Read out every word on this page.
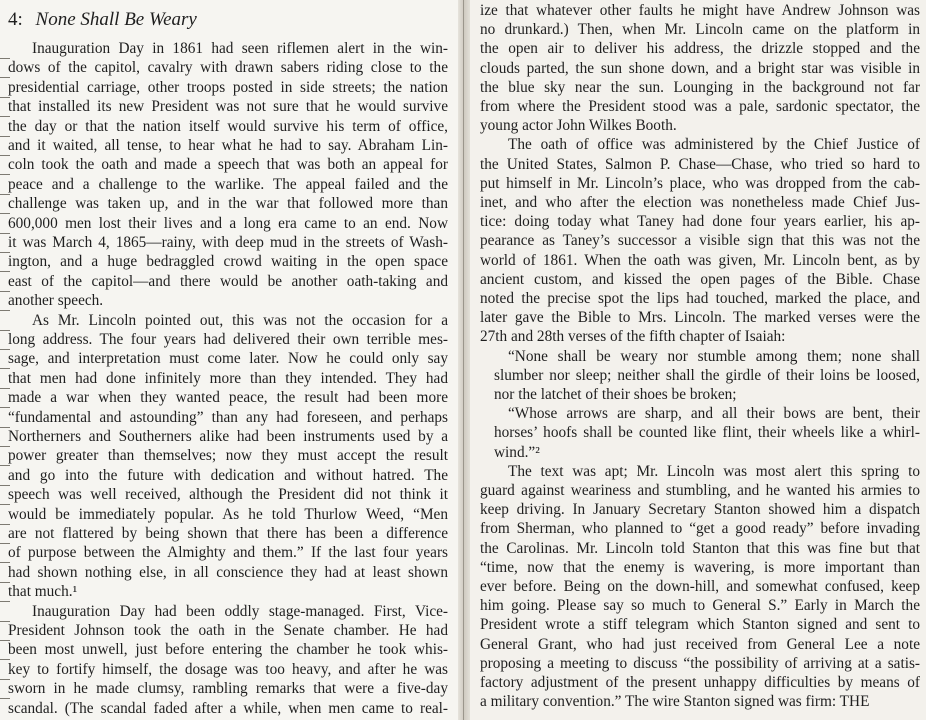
4: None Shall Be Weary
Inauguration Day in 1861 had seen riflemen alert in the win-
dows of the capitol, cavalry with drawn sabers riding close to the
presidential carriage, other troops posted in side streets; the nation
that installed its new President was not sure that he would survive
the day or that the nation itself would survive his term of office,
and it waited, all tense, to hear what he had to say. Abraham Lin-
coln took the oath and made a speech that was both an appeal for
peace and a challenge to the warlike. The appeal failed and the
challenge was taken up, and in the war that followed more than
600,000 men lost their lives and a long era came to an end. Now
it was March 4, 1865—rainy, with deep mud in the streets of Wash-
ington, and a huge bedraggled crowd waiting in the open space
east of the capitol—and there would be another oath-taking and
another speech.
As Mr. Lincoln pointed out, this was not the occasion for a
long address. The four years had delivered their own terrible mes-
sage, and interpretation must come later. Now he could only say
that men had done infinitely more than they intended. They had
made a war when they wanted peace, the result had been more
“fundamental and astounding” than any had foreseen, and perhaps
Northerners and Southerners alike had been instruments used by a
power greater than themselves; now they must accept the result
and go into the future with dedication and without hatred. The
speech was well received, although the President did not think it
would be immediately popular. As he told Thurlow Weed, “Men
are not flattered by being shown that there has been a difference
of purpose between the Almighty and them.” If the last four years
had shown nothing else, in all conscience they had at least shown
that much.¹
Inauguration Day had been oddly stage-managed. First, Vice-
President Johnson took the oath in the Senate chamber. He had
been most unwell, just before entering the chamber he took whis-
key to fortify himself, the dosage was too heavy, and after he was
sworn in he made clumsy, rambling remarks that were a five-day
scandal. (The scandal faded after a while, when men came to real-
ize that whatever other faults he might have Andrew Johnson was
no drunkard.) Then, when Mr. Lincoln came on the platform in
the open air to deliver his address, the drizzle stopped and the
clouds parted, the sun shone down, and a bright star was visible in
the blue sky near the sun. Lounging in the background not far
from where the President stood was a pale, sardonic spectator, the
young actor John Wilkes Booth.
The oath of office was administered by the Chief Justice of
the United States, Salmon P. Chase—Chase, who tried so hard to
put himself in Mr. Lincoln’s place, who was dropped from the cab-
inet, and who after the election was nonetheless made Chief Jus-
tice: doing today what Taney had done four years earlier, his ap-
pearance as Taney’s successor a visible sign that this was not the
world of 1861. When the oath was given, Mr. Lincoln bent, as by
ancient custom, and kissed the open pages of the Bible. Chase
noted the precise spot the lips had touched, marked the place, and
later gave the Bible to Mrs. Lincoln. The marked verses were the
27th and 28th verses of the fifth chapter of Isaiah:
“None shall be weary nor stumble among them; none shall
slumber nor sleep; neither shall the girdle of their loins be loosed,
nor the latchet of their shoes be broken;
“Whose arrows are sharp, and all their bows are bent, their
horses’ hoofs shall be counted like flint, their wheels like a whirl-
wind.”²
The text was apt; Mr. Lincoln was most alert this spring to
guard against weariness and stumbling, and he wanted his armies to
keep driving. In January Secretary Stanton showed him a dispatch
from Sherman, who planned to “get a good ready” before invading
the Carolinas. Mr. Lincoln told Stanton that this was fine but that
“time, now that the enemy is wavering, is more important than
ever before. Being on the down-hill, and somewhat confused, keep
him going. Please say so much to General S.” Early in March the
President wrote a stiff telegram which Stanton signed and sent to
General Grant, who had just received from General Lee a note
proposing a meeting to discuss “the possibility of arriving at a satis-
factory adjustment of the present unhappy difficulties by means of
a military convention.” The wire Stanton signed was firm: THE
